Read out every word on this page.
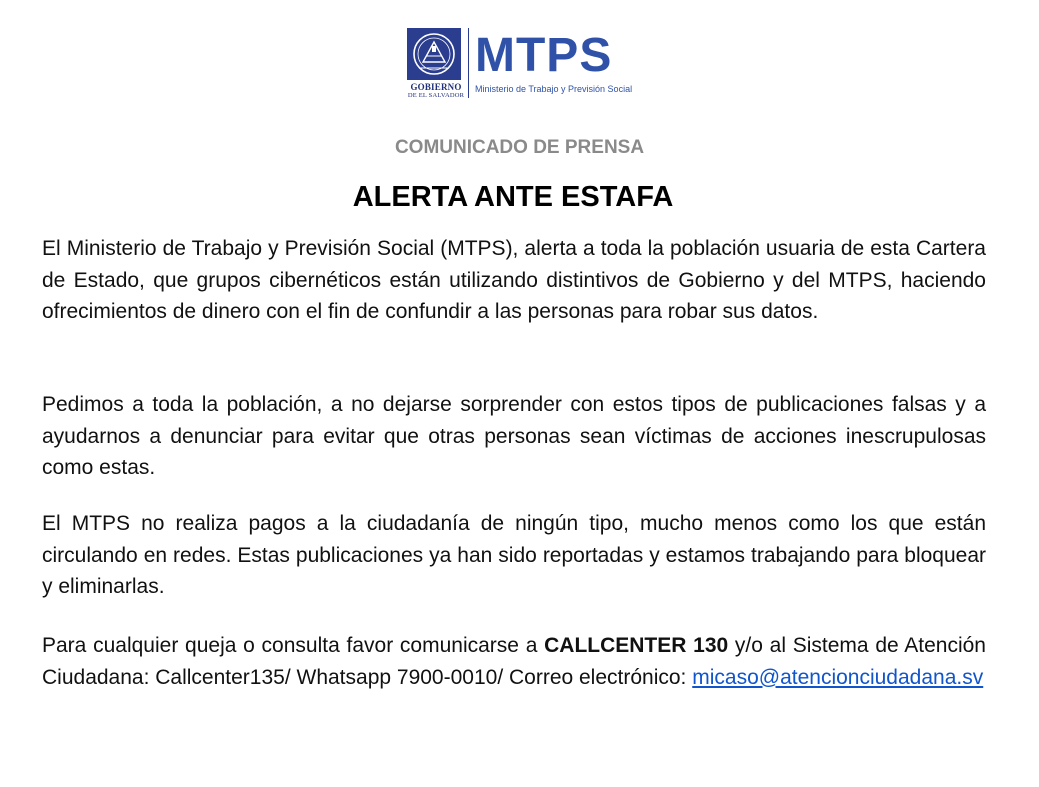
GOBIERNO
DE EL SALVADOR
MTPS
Ministerio de Trabajo y Previsión Social
COMUNICADO DE PRENSA
ALERTA ANTE ESTAFA
El Ministerio de Trabajo y Previsión Social (MTPS), alerta a toda la población usuaria de esta Cartera de Estado, que grupos cibernéticos están utilizando distintivos de Gobierno y del MTPS, haciendo ofrecimientos de dinero con el fin de confundir a las personas para robar sus datos.
Pedimos a toda la población, a no dejarse sorprender con estos tipos de publicaciones falsas y a ayudarnos a denunciar para evitar que otras personas sean víctimas de acciones inescrupulosas como estas.
El MTPS no realiza pagos a la ciudadanía de ningún tipo, mucho menos como los que están circulando en redes. Estas publicaciones ya han sido reportadas y estamos trabajando para bloquear y eliminarlas.
Para cualquier queja o consulta favor comunicarse a CALLCENTER 130 y/o al Sistema de Atención Ciudadana: Callcenter135/ Whatsapp 7900-0010/ Correo electrónico: micaso@atencionciudadana.sv
